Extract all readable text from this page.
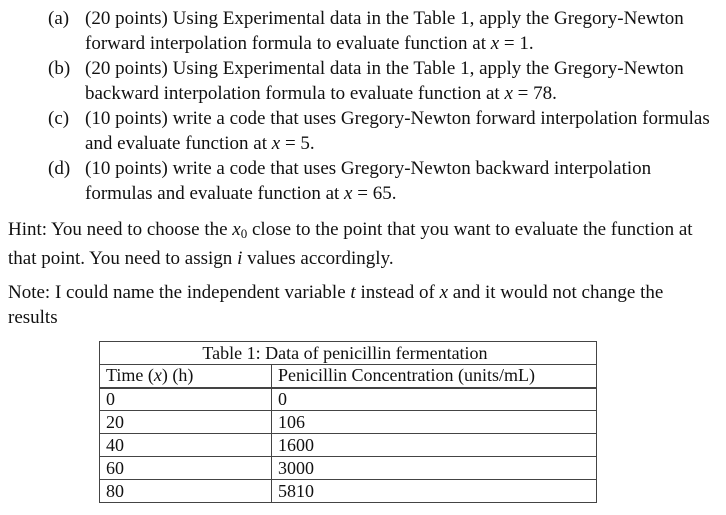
(a) (20 points) Using Experimental data in the Table 1, apply the Gregory-Newton forward interpolation formula to evaluate function at x = 1.
(b) (20 points) Using Experimental data in the Table 1, apply the Gregory-Newton backward interpolation formula to evaluate function at x = 78.
(c) (10 points) write a code that uses Gregory-Newton forward interpolation formulas and evaluate function at x = 5.
(d) (10 points) write a code that uses Gregory-Newton backward interpolation formulas and evaluate function at x = 65.
Hint: You need to choose the $x_0$ close to the point that you want to evaluate the function at that point. You need to assign i values accordingly.
Note: I could name the independent variable t instead of x and it would not change the results
Table 1: Data of penicillin fermentation	
Time (x) (h)	Penicillin Concentration (units/mL)
0	0
20	106
40	1600
60	3000
80	5810
